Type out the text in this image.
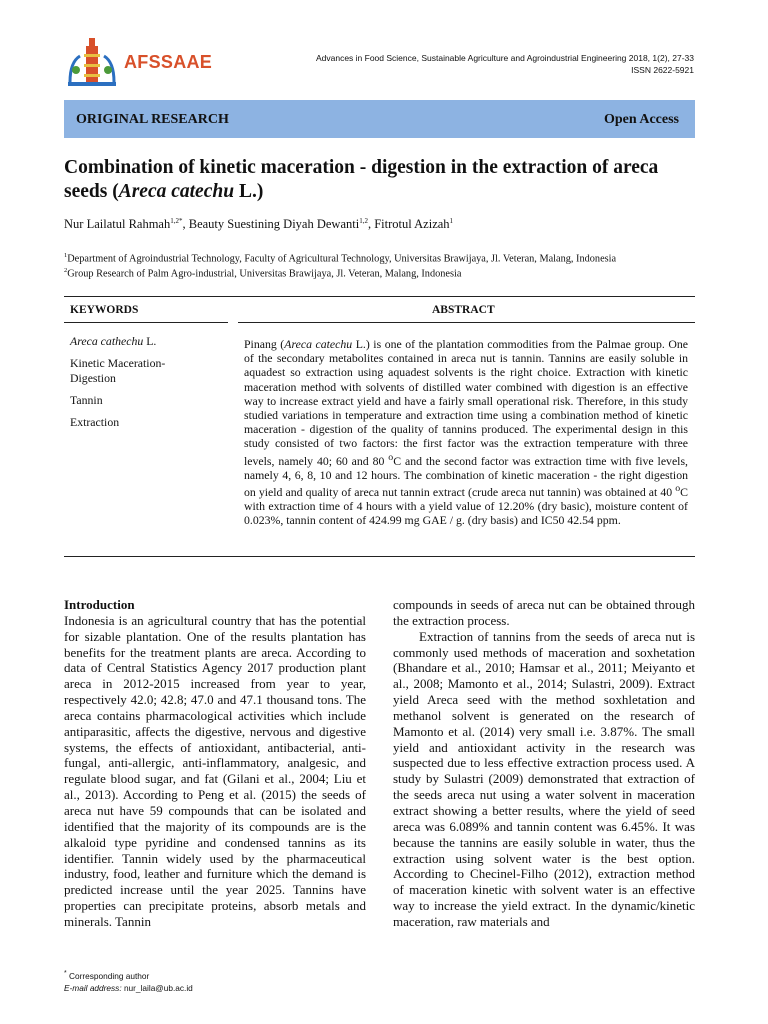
AFSSAAE	Advances in Food Science, Sustainable Agriculture and Agroindustrial Engineering 2018, 1(2), 27-33
ISSN 2622-5921
ORIGINAL RESEARCH	Open Access
Combination of kinetic maceration - digestion in the extraction of areca seeds (Areca catechu L.)
Nur Lailatul Rahmah$^{1,2*}$, Beauty Suestining Diyah Dewanti$^{1,2}$, Fitrotul Azizah$^1$
$^1$Department of Agroindustrial Technology, Faculty of Agricultural Technology, Universitas Brawijaya, Jl. Veteran, Malang, Indonesia
$^2$Group Research of Palm Agro-industrial, Universitas Brawijaya, Jl. Veteran, Malang, Indonesia
KEYWORDS	ABSTRACT
Areca cathechu L.
Kinetic Maceration-Digestion
Tannin
Extraction
Pinang (Areca catechu L.) is one of the plantation commodities from the Palmae group. One of the secondary metabolites contained in areca nut is tannin. Tannins are easily soluble in aquadest so extraction using aquadest solvents is the right choice. Extraction with kinetic maceration method with solvents of distilled water combined with digestion is an effective way to increase extract yield and have a fairly small operational risk. Therefore, in this study studied variations in temperature and extraction time using a combination method of kinetic maceration - digestion of the quality of tannins produced. The experimental design in this study consisted of two factors: the first factor was the extraction temperature with three levels, namely 40; 60 and 80 $^o$C and the second factor was extraction time with five levels, namely 4, 6, 8, 10 and 12 hours. The combination of kinetic maceration - the right digestion on yield and quality of areca nut tannin extract (crude areca nut tannin) was obtained at 40 $^o$C with extraction time of 4 hours with a yield value of 12.20% (dry basic), moisture content of 0.023%, tannin content of 424.99 mg GAE / g. (dry basis) and IC50 42.54 ppm.

Introduction

Indonesia is an agricultural country that has the potential for sizable plantation. One of the results plantation has benefits for the treatment plants are areca. According to data of Central Statistics Agency 2017 production plant areca in 2012-2015 increased from year to year, respectively 42.0; 42.8; 47.0 and 47.1 thousand tons. The areca contains pharmacological activities which include antiparasitic, affects the digestive, nervous and digestive systems, the effects of antioxidant, antibacterial, anti-fungal, anti-allergic, anti-inflammatory, analgesic, and regulate blood sugar, and fat (Gilani et al., 2004; Liu et al., 2013). According to Peng et al. (2015) the seeds of areca nut have 59 compounds that can be isolated and identified that the majority of its compounds are is the alkaloid type pyridine and condensed tannins as its identifier. Tannin widely used by the pharmaceutical industry, food, leather and furniture which the demand is predicted increase until the year 2025. Tannins have properties can precipitate proteins, absorb metals and minerals. Tannin

compounds in seeds of areca nut can be obtained through the extraction process.

Extraction of tannins from the seeds of areca nut is commonly used methods of maceration and soxhetation (Bhandare et al., 2010; Hamsar et al., 2011; Meiyanto et al., 2008; Mamonto et al., 2014; Sulastri, 2009). Extract yield Areca seed with the method soxhletation and methanol solvent is generated on the research of Mamonto et al. (2014) very small i.e. 3.87%. The small yield and antioxidant activity in the research was suspected due to less effective extraction process used. A study by Sulastri (2009) demonstrated that extraction of the seeds areca nut using a water solvent in maceration extract showing a better results, where the yield of seed areca was 6.089% and tannin content was 6.45%. It was because the tannins are easily soluble in water, thus the extraction using solvent water is the best option. According to Checinel-Filho (2012), extraction method of maceration kinetic with solvent water is an effective way to increase the yield extract. In the dynamic/kinetic maceration, raw materials and

* Corresponding author
E-mail address: nur_laila@ub.ac.id
